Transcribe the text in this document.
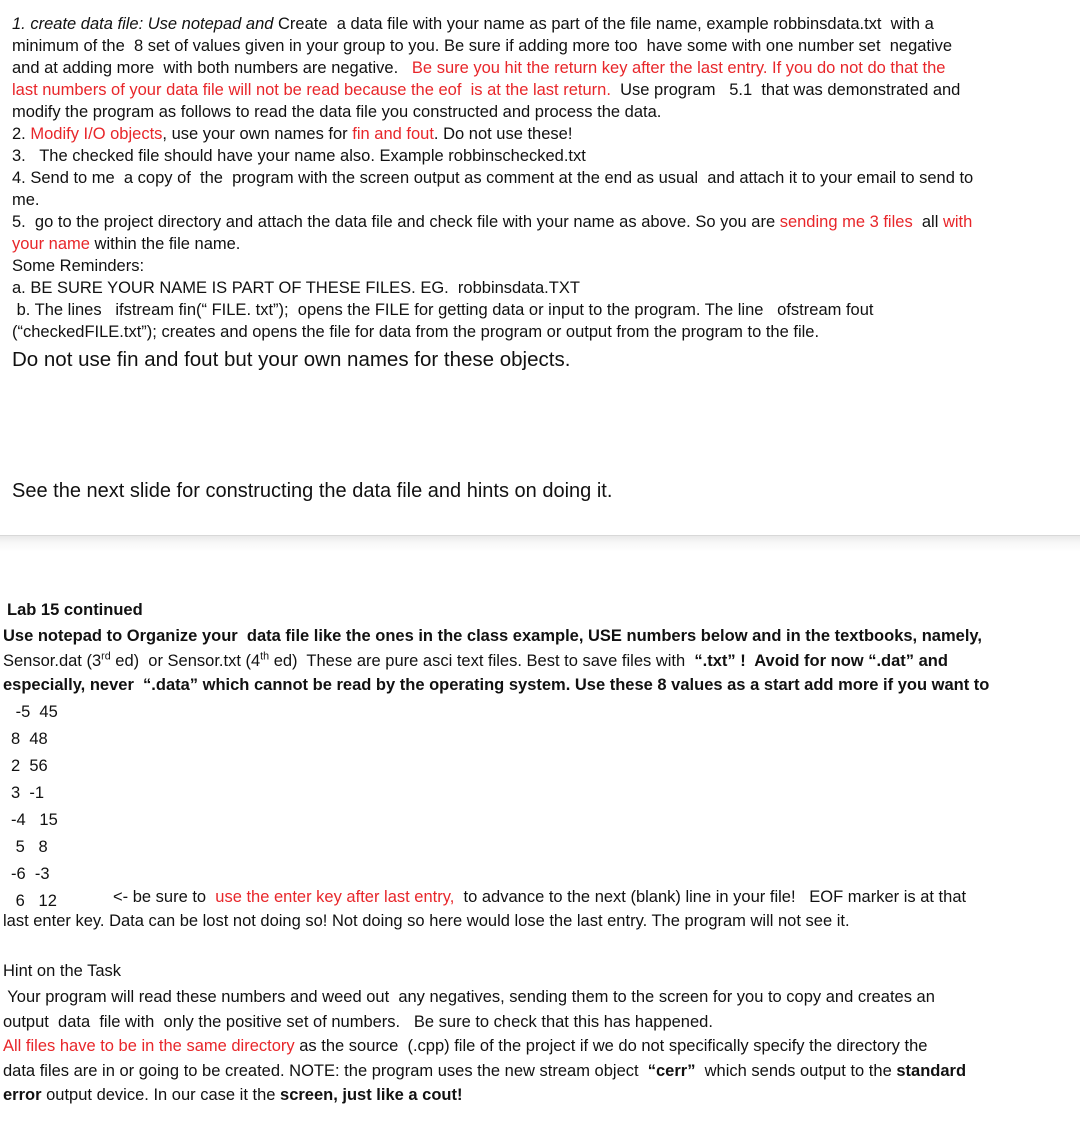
1. create data file: Use notepad and Create  a data file with your name as part of the file name, example robbinsdata.txt  with a
minimum of the  8 set of values given in your group to you. Be sure if adding more too  have some with one number set  negative
and at adding more  with both numbers are negative.   Be sure you hit the return key after the last entry. If you do not do that the
last numbers of your data file will not be read because the eof  is at the last return.  Use program   5.1  that was demonstrated and
modify the program as follows to read the data file you constructed and process the data.
2. Modify I/O objects, use your own names for fin and fout. Do not use these!
3.   The checked file should have your name also. Example robbinschecked.txt
4. Send to me  a copy of  the  program with the screen output as comment at the end as usual  and attach it to your email to send to
me.
5.  go to the project directory and attach the data file and check file with your name as above. So you are sending me 3 files  all with
your name within the file name.
Some Reminders:
a. BE SURE YOUR NAME IS PART OF THESE FILES. EG.  robbinsdata.TXT
b. The lines   ifstream fin(“ FILE. txt”);  opens the FILE for getting data or input to the program. The line   ofstream fout
(“checkedFILE.txt”); creates and opens the file for data from the program or output from the program to the file.
Do not use fin and fout but your own names for these objects.
See the next slide for constructing the data file and hints on doing it.
Lab 15 continued
Use notepad to Organize your  data file like the ones in the class example, USE numbers below and in the textbooks, namely,
Sensor.dat (3rd ed)  or Sensor.txt (4th ed)  These are pure asci text files. Best to save files with  “.txt” !  Avoid for now “.dat” and
especially, never  “.data” which cannot be read by the operating system. Use these 8 values as a start add more if you want to
-5  45
8  48
2  56
3  -1
-4   15
5   8
-6  -3
6   12	<- be sure to  use the enter key after last entry,  to advance to the next (blank) line in your file!   EOF marker is at that
last enter key. Data can be lost not doing so! Not doing so here would lose the last entry. The program will not see it.
Hint on the Task
Your program will read these numbers and weed out  any negatives, sending them to the screen for you to copy and creates an
output  data  file with  only the positive set of numbers.   Be sure to check that this has happened.
All files have to be in the same directory as the source  (.cpp) file of the project if we do not specifically specify the directory the
data files are in or going to be created. NOTE: the program uses the new stream object  “cerr”  which sends output to the standard
error output device. In our case it the screen, just like a cout!
